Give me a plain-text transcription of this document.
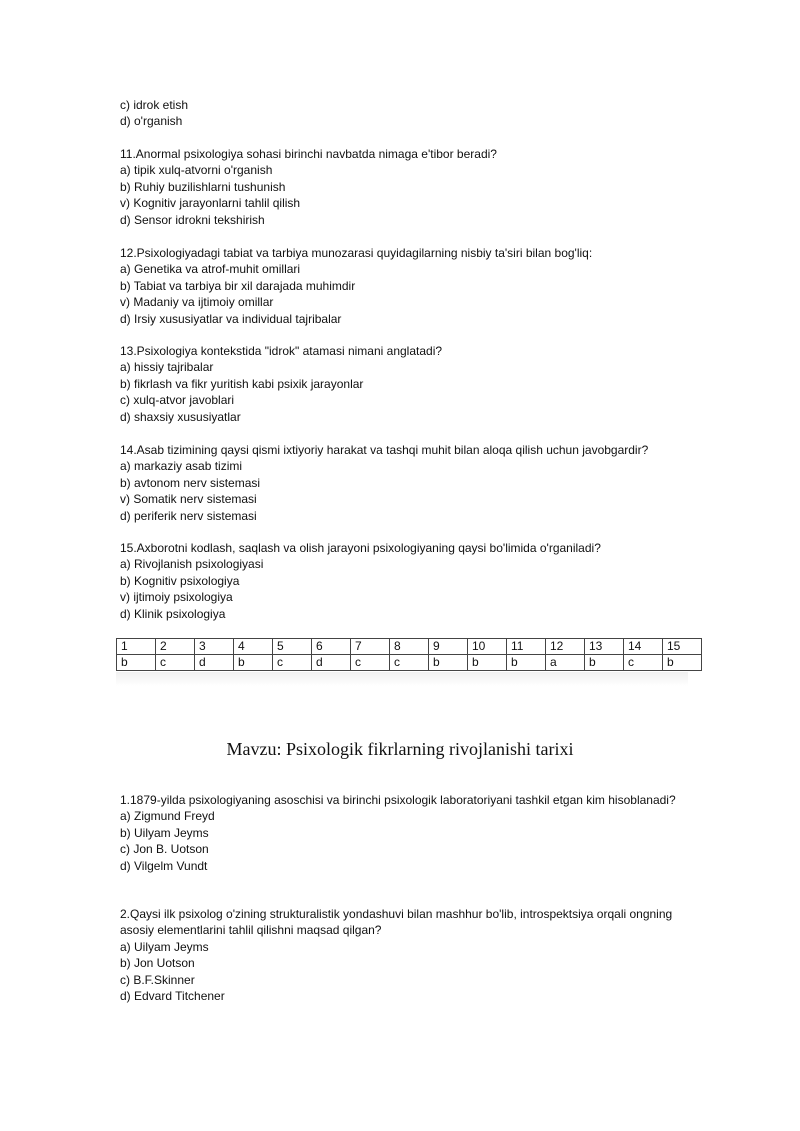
c) idrok etish
d) o'rganish
11.Anormal psixologiya sohasi birinchi navbatda nimaga e'tibor beradi?
a) tipik xulq-atvorni o'rganish
b) Ruhiy buzilishlarni tushunish
v) Kognitiv jarayonlarni tahlil qilish
d) Sensor idrokni tekshirish
12.Psixologiyadagi tabiat va tarbiya munozarasi quyidagilarning nisbiy ta'siri bilan bog'liq:
a) Genetika va atrof-muhit omillari
b) Tabiat va tarbiya bir xil darajada muhimdir
v) Madaniy va ijtimoiy omillar
d) Irsiy xususiyatlar va individual tajribalar
13.Psixologiya kontekstida "idrok" atamasi nimani anglatadi?
a) hissiy tajribalar
b) fikrlash va fikr yuritish kabi psixik jarayonlar
c) xulq-atvor javoblari
d) shaxsiy xususiyatlar
14.Asab tizimining qaysi qismi ixtiyoriy harakat va tashqi muhit bilan aloqa qilish uchun javobgardir?
a) markaziy asab tizimi
b) avtonom nerv sistemasi
v) Somatik nerv sistemasi
d) periferik nerv sistemasi
15.Axborotni kodlash, saqlash va olish jarayoni psixologiyaning qaysi bo'limida o'rganiladi?
a) Rivojlanish psixologiyasi
b) Kognitiv psixologiya
v) ijtimoiy psixologiya
d) Klinik psixologiya
1	2	3	4	5	6	7	8	9	10	11	12	13	14	15
b	c	d	b	c	d	c	c	b	b	b	a	b	c	b
Mavzu: Psixologik fikrlarning rivojlanishi tarixi
1.1879-yilda psixologiyaning asoschisi va birinchi psixologik laboratoriyani tashkil etgan kim hisoblanadi?
a) Zigmund Freyd
b) Uilyam Jeyms
c) Jon B. Uotson
d) Vilgelm Vundt
2.Qaysi ilk psixolog o'zining strukturalistik yondashuvi bilan mashhur bo'lib, introspektsiya orqali ongning asosiy elementlarini tahlil qilishni maqsad qilgan?
a) Uilyam Jeyms
b) Jon Uotson
c) B.F.Skinner
d) Edvard Titchener
